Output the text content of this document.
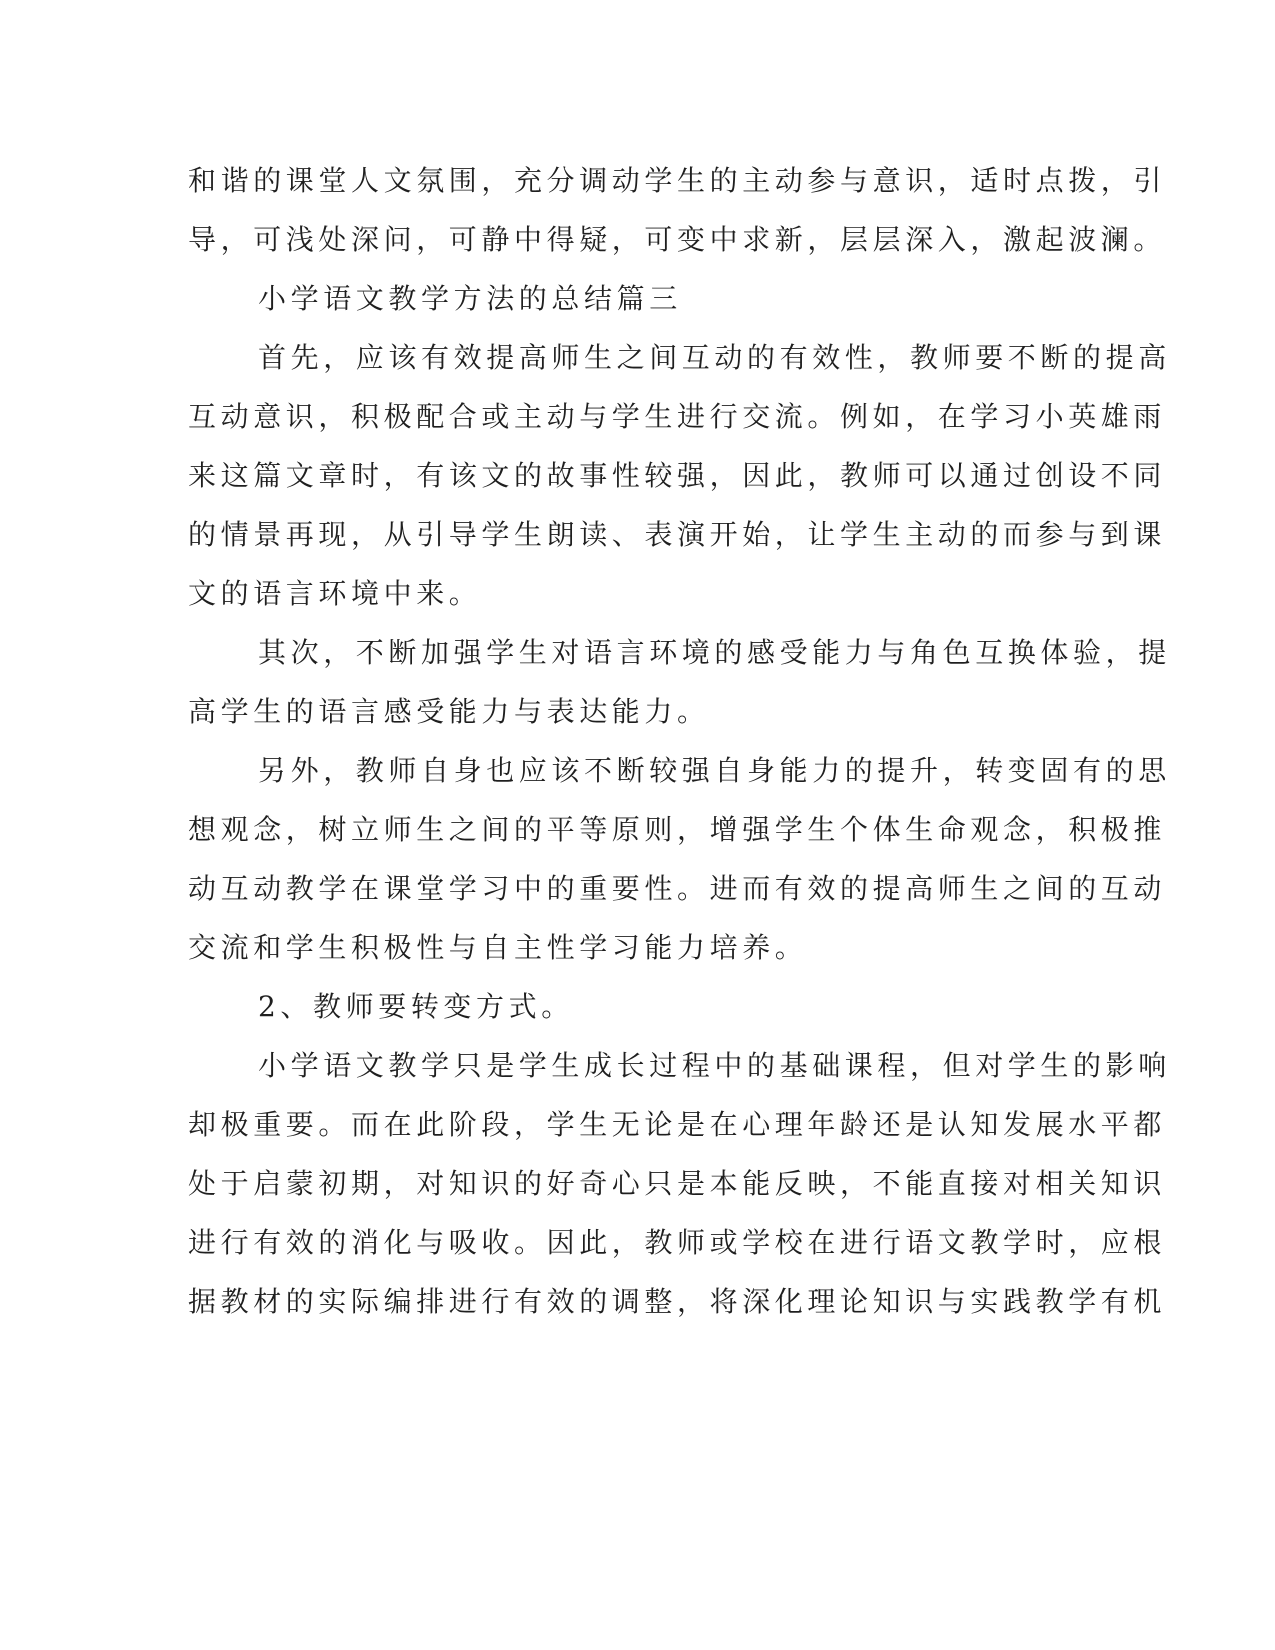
和谐的课堂人文氛围，充分调动学生的主动参与意识，适时点拨，引

导，可浅处深问，可静中得疑，可变中求新，层层深入，激起波澜。

小学语文教学方法的总结篇三

首先，应该有效提高师生之间互动的有效性，教师要不断的提高

互动意识，积极配合或主动与学生进行交流。例如，在学习小英雄雨

来这篇文章时，有该文的故事性较强，因此，教师可以通过创设不同

的情景再现，从引导学生朗读、表演开始，让学生主动的而参与到课

文的语言环境中来。

其次，不断加强学生对语言环境的感受能力与角色互换体验，提

高学生的语言感受能力与表达能力。

另外，教师自身也应该不断较强自身能力的提升，转变固有的思

想观念，树立师生之间的平等原则，增强学生个体生命观念，积极推

动互动教学在课堂学习中的重要性。进而有效的提高师生之间的互动

交流和学生积极性与自主性学习能力培养。

2、教师要转变方式。

小学语文教学只是学生成长过程中的基础课程，但对学生的影响

却极重要。而在此阶段，学生无论是在心理年龄还是认知发展水平都

处于启蒙初期，对知识的好奇心只是本能反映，不能直接对相关知识

进行有效的消化与吸收。因此，教师或学校在进行语文教学时，应根

据教材的实际编排进行有效的调整，将深化理论知识与实践教学有机
